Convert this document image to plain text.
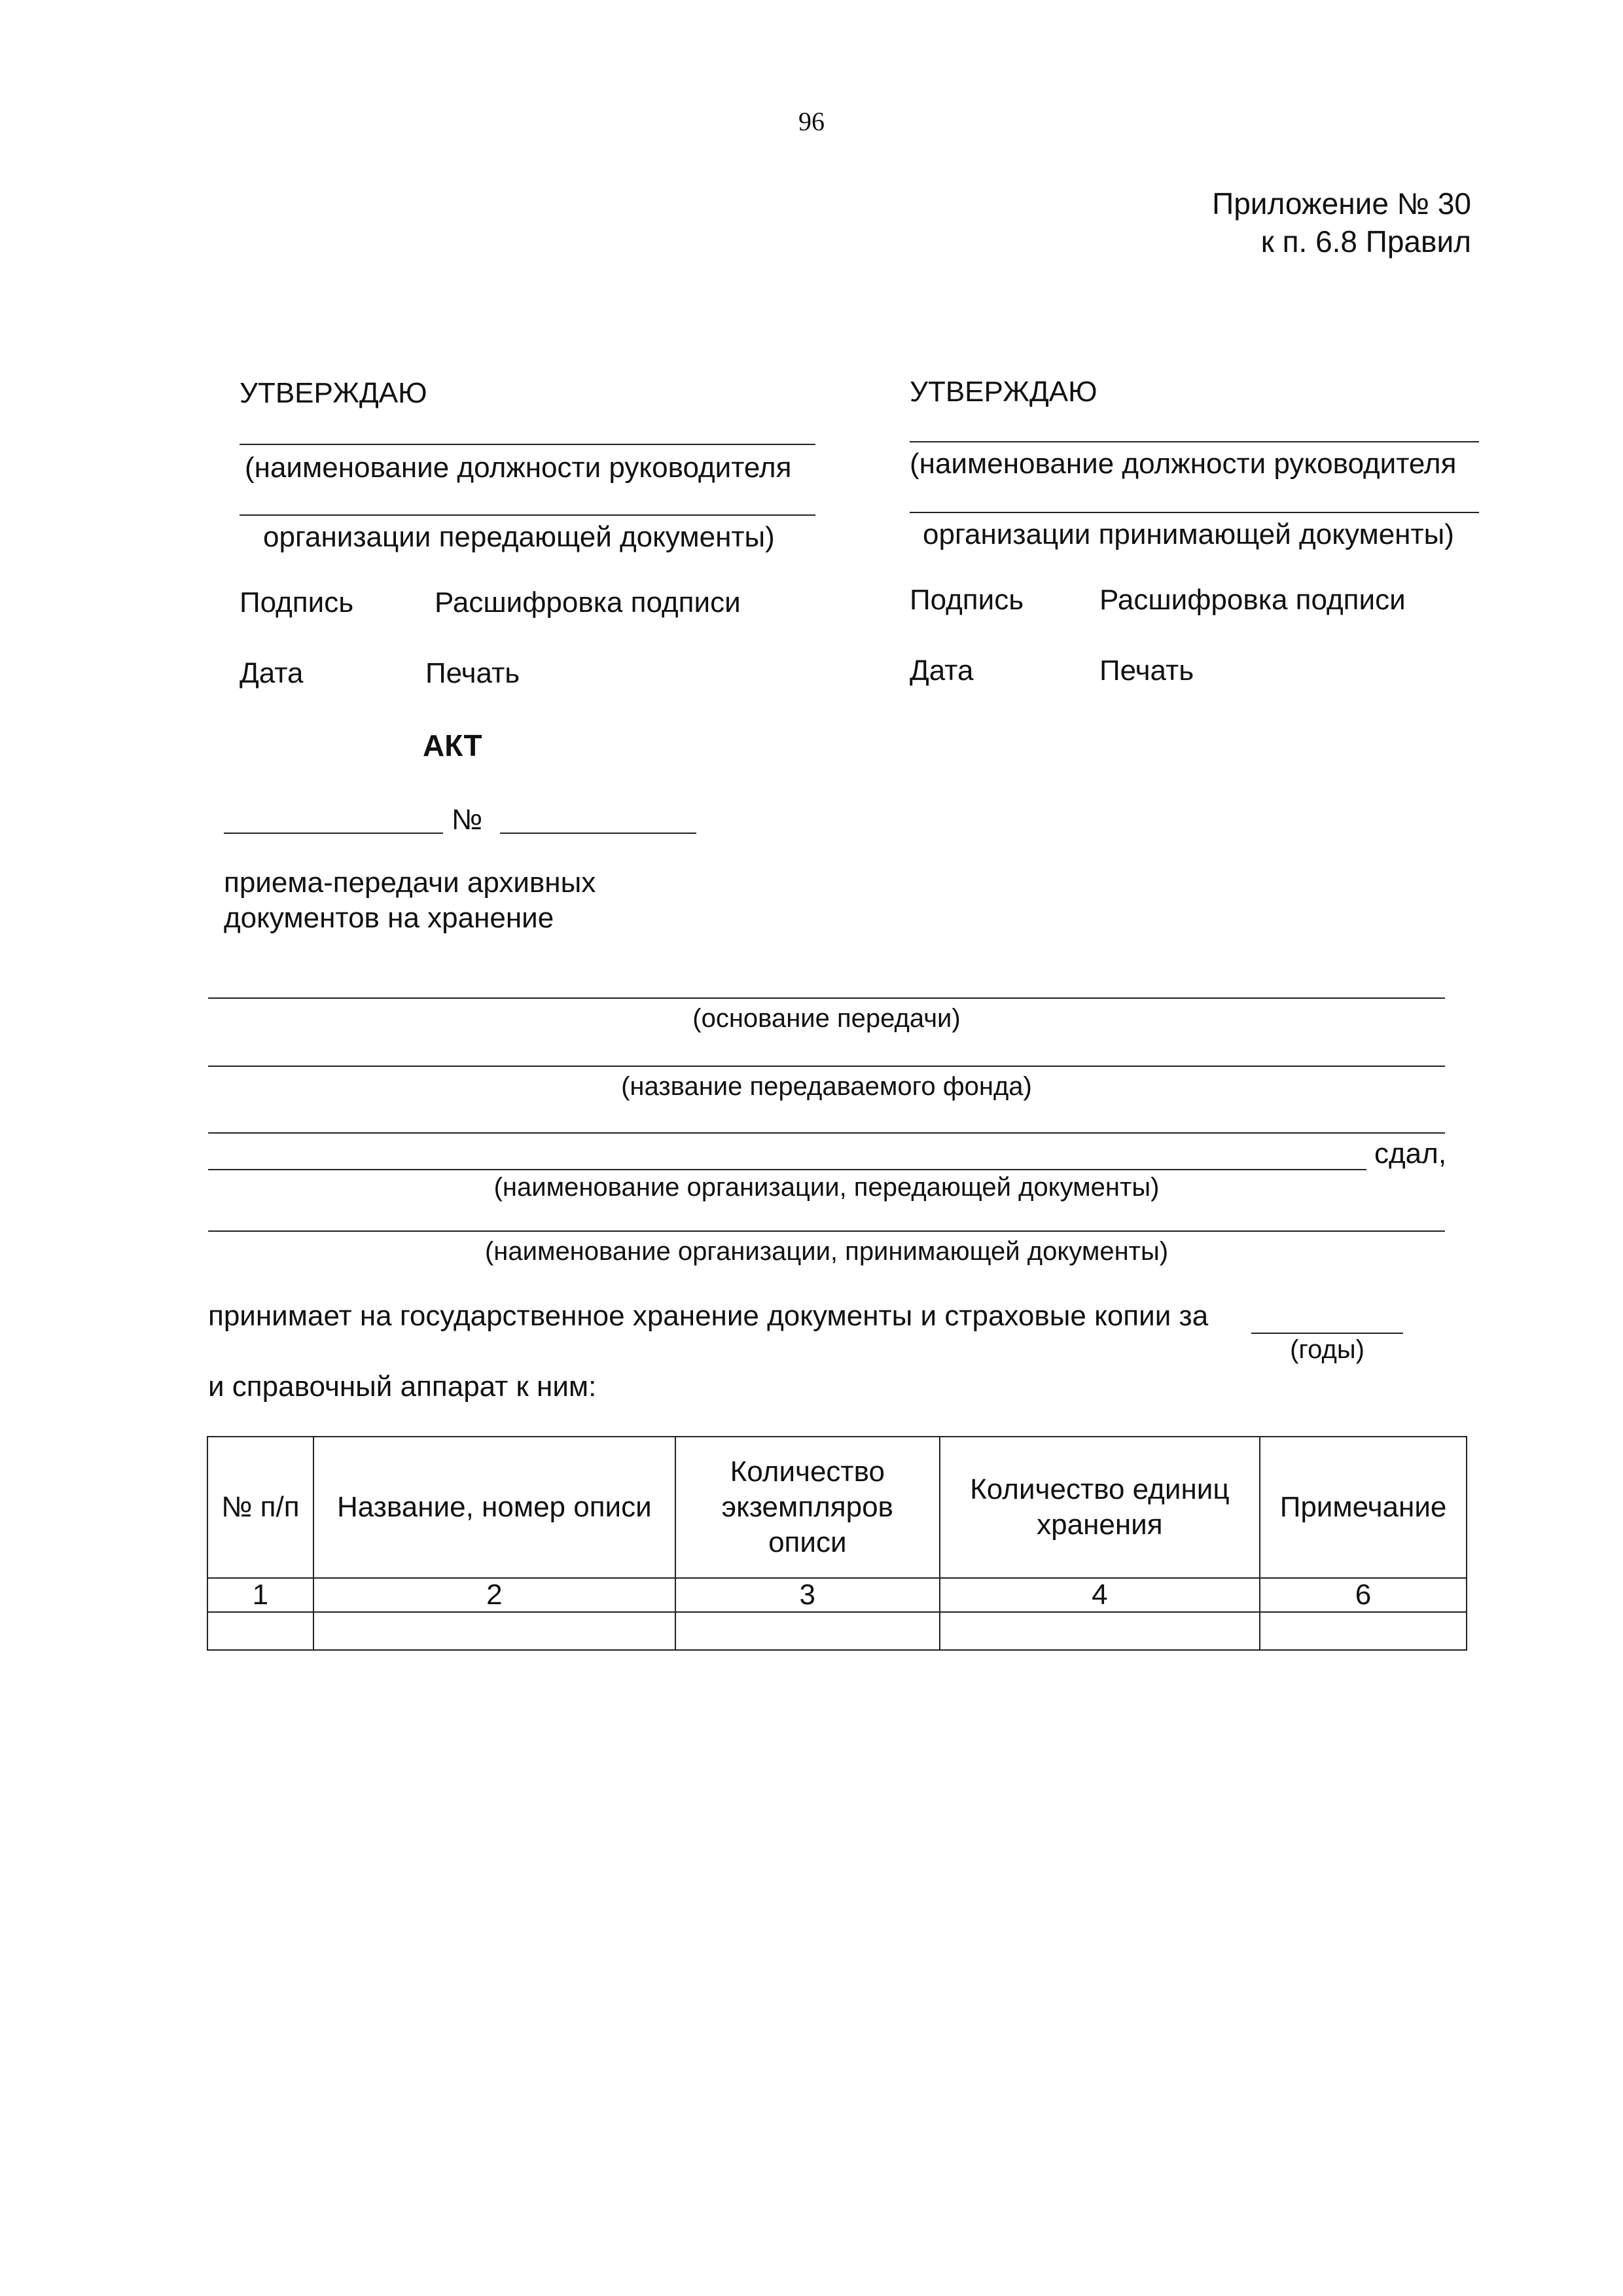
96
Приложение № 30
к п. 6.8 Правил
УТВЕРЖДАЮ
(наименование должности руководителя
организации передающей документы)
Подпись	Расшифровка подписи
Дата	Печать
УТВЕРЖДАЮ
(наименование должности руководителя
организации принимающей документы)
Подпись	Расшифровка подписи
Дата	Печать
АКТ
№
приема-передачи архивных
документов на хранение
(основание передачи)
(название передаваемого фонда)
сдал,
(наименование организации, передающей документы)
(наименование организации, принимающей документы)
принимает на государственное хранение документы и страховые копии за
(годы)
и справочный аппарат к ним:
№ п/п	Название, номер описи	Количество экземпляров описи	Количество единиц хранения	Примечание
1	2	3	4	6
